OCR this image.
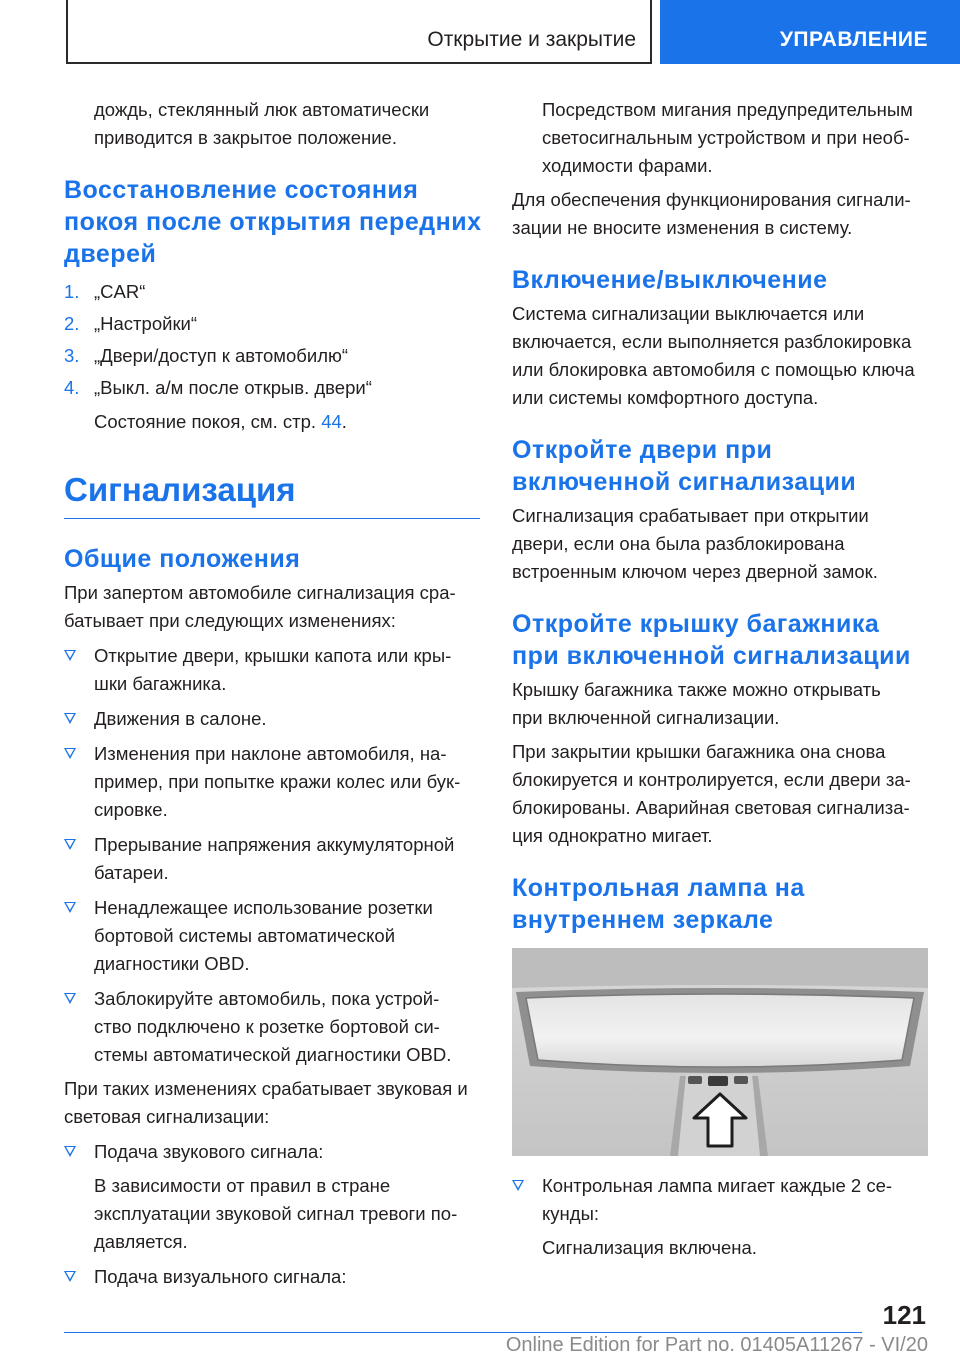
Открытие и закрытие	УПРАВЛЕНИЕ

дождь, стеклянный люк автоматически

приводится в закрытое положение.

Восстановление состояния

покоя после открытия передних

дверей

1. „CAR“
2. „Настройки“
3. „Двери/доступ к автомобилю“
4. „Выкл. а/м после открыв. двери“

Состояние покоя, см. стр. 44.

Сигнализация

Общие положения

При запертом автомобиле сигнализация сра-

батывает при следующих изменениях:

Открытие двери, крышки капота или кры-

шки багажника.

Движения в салоне.

Изменения при наклоне автомобиля, на-

пример, при попытке кражи колес или бук-

сировке.

Прерывание напряжения аккумуляторной

батареи.

Ненадлежащее использование розетки

бортовой системы автоматической

диагностики OBD.

Заблокируйте автомобиль, пока устрой-

ство подключено к розетке бортовой си-

стемы автоматической диагностики OBD.

При таких изменениях срабатывает звуковая и

световая сигнализации:

Подача звукового сигнала:

В зависимости от правил в стране

эксплуатации звуковой сигнал тревоги по-

давляется.

Подача визуального сигнала:

Посредством мигания предупредительным

светосигнальным устройством и при необ-

ходимости фарами.

Для обеспечения функционирования сигнали-

зации не вносите изменения в систему.

Включение/выключение

Система сигнализации выключается или

включается, если выполняется разблокировка

или блокировка автомобиля с помощью ключа

или системы комфортного доступа.

Откройте двери при

включенной сигнализации

Сигнализация срабатывает при открытии

двери, если она была разблокирована

встроенным ключом через дверной замок.

Откройте крышку багажника

при включенной сигнализации

Крышку багажника также можно открывать

при включенной сигнализации.

При закрытии крышки багажника она снова

блокируется и контролируется, если двери за-

блокированы. Аварийная световая сигнализа-

ция однократно мигает.

Контрольная лампа на

внутреннем зеркале

Контрольная лампа мигает каждые 2 се-

кунды:

Сигнализация включена.

121
Online Edition for Part no. 01405A11267 - VI/20
